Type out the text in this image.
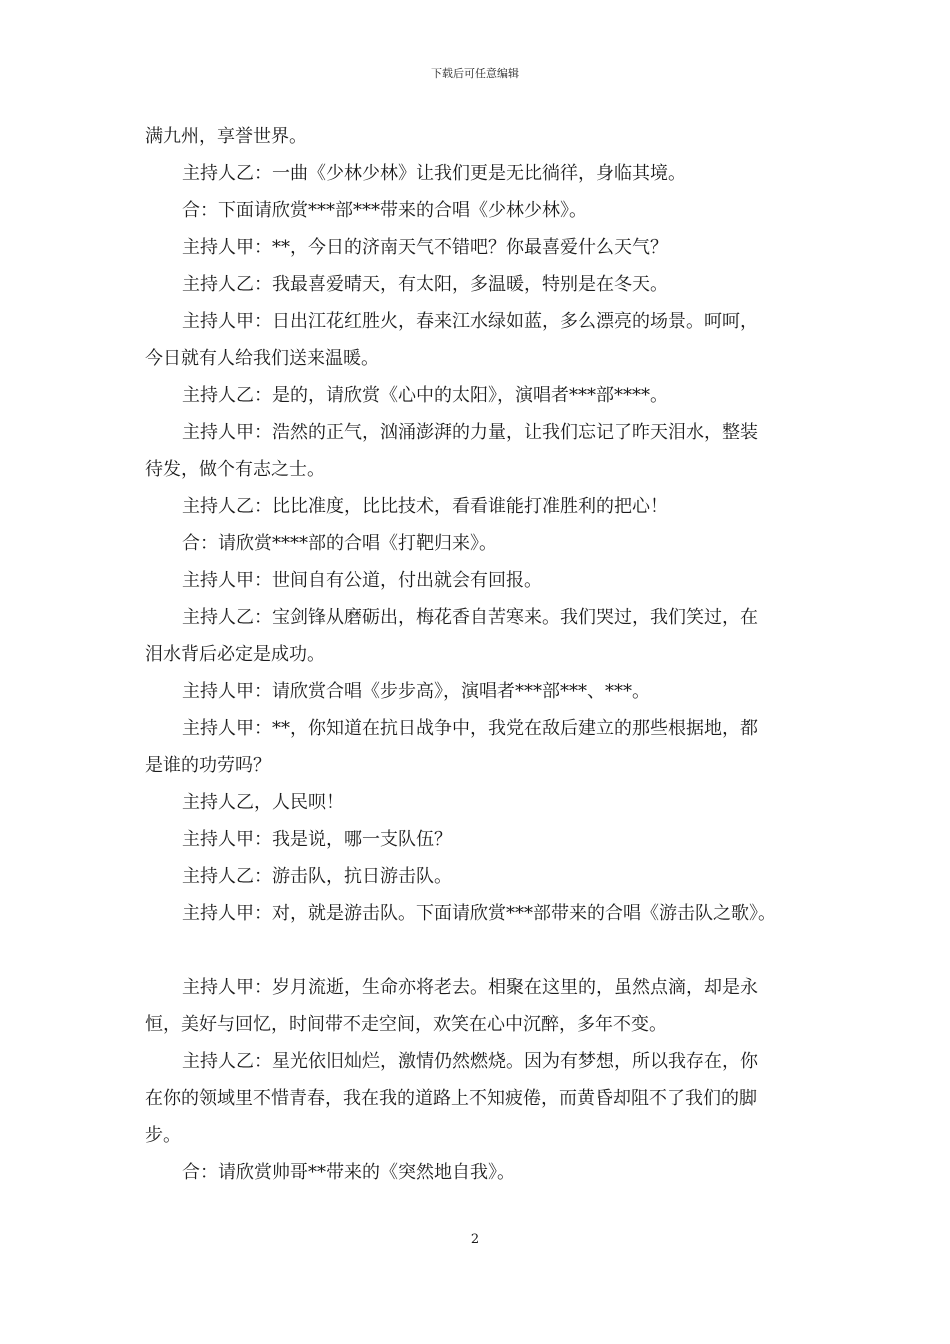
下载后可任意编辑

满九州，享誉世界。

主持人乙：一曲《少林少林》让我们更是无比徜徉，身临其境。

合：下面请欣赏***部***带来的合唱《少林少林》。

主持人甲：**，今日的济南天气不错吧？你最喜爱什么天气？

主持人乙：我最喜爱晴天，有太阳，多温暖，特别是在冬天。

主持人甲：日出江花红胜火，春来江水绿如蓝，多么漂亮的场景。呵呵，

今日就有人给我们送来温暖。

主持人乙：是的，请欣赏《心中的太阳》，演唱者***部****。

主持人甲：浩然的正气，汹涌澎湃的力量，让我们忘记了昨天泪水，整装

待发，做个有志之士。

主持人乙：比比准度，比比技术，看看谁能打准胜利的把心！

合：请欣赏****部的合唱《打靶归来》。

主持人甲：世间自有公道，付出就会有回报。

主持人乙：宝剑锋从磨砺出，梅花香自苦寒来。我们哭过，我们笑过，在

泪水背后必定是成功。

主持人甲：请欣赏合唱《步步高》，演唱者***部***、***。

主持人甲：**，你知道在抗日战争中，我党在敌后建立的那些根据地，都

是谁的功劳吗？

主持人乙，人民呗！

主持人甲：我是说，哪一支队伍？

主持人乙：游击队，抗日游击队。

主持人甲：对，就是游击队。下面请欣赏***部带来的合唱《游击队之歌》。

主持人甲：岁月流逝，生命亦将老去。相聚在这里的，虽然点滴，却是永

恒，美好与回忆，时间带不走空间，欢笑在心中沉醉，多年不变。

主持人乙：星光依旧灿烂，激情仍然燃烧。因为有梦想，所以我存在，你

在你的领域里不惜青春，我在我的道路上不知疲倦，而黄昏却阻不了我们的脚

步。

合：请欣赏帅哥**带来的《突然地自我》。

2
